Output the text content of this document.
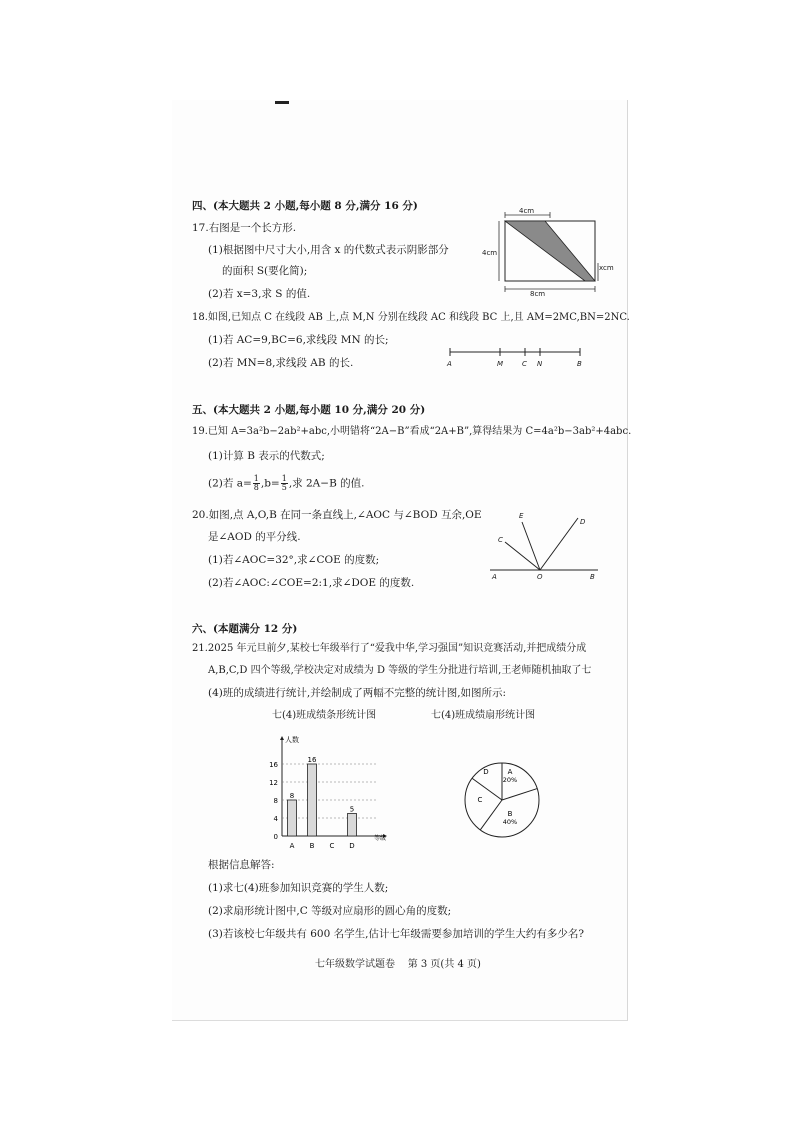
四、(本大题共 2 小题,每小题 8 分,满分 16 分)
17.右图是一个长方形.
(1)根据图中尺寸大小,用含 x 的代数式表示阴影部分
的面积 S(要化简);
(2)若 x=3,求 S 的值.
4cm
4cm
xcm
8cm
18.如图,已知点 C 在线段 AB 上,点 M,N 分别在线段 AC 和线段 BC 上,且 AM=2MC,BN=2NC.
(1)若 AC=9,BC=6,求线段 MN 的长;
(2)若 MN=8,求线段 AB 的长.	A	M	C N	B
五、(本大题共 2 小题,每小题 10 分,满分 20 分)
19.已知 A=3a²b−2ab²+abc,小明错将“2A−B”看成“2A+B”,算得结果为 C=4a²b−3ab²+4abc.
(1)计算 B 表示的代数式;
(2)若 $a= \frac{1}{8} ,b= \frac{1}{5}$ ,求 2A−B 的值.
20.如图,点 A,O,B 在同一条直线上,∠AOC 与∠BOD 互余,OE
是∠AOD 的平分线.
(1)若∠AOC=32°,求∠COE 的度数;
(2)若∠AOC:∠COE=2:1,求∠DOE 的度数.	A	O	B
C
E
D
六、(本题满分 12 分)
21.2025 年元旦前夕,某校七年级举行了“爱我中华,学习强国”知识竞赛活动,并把成绩分成
A,B,C,D 四个等级,学校决定对成绩为 D 等级的学生分批进行培训,王老师随机抽取了七
(4)班的成绩进行统计,并绘制成了两幅不完整的统计图,如图所示:
七(4)班成绩条形统计图	七(4)班成绩扇形统计图
0
4
8
12
16
人数
等级
A
8
B
16
C D
5
A
20%
B
40%
C
D
根据信息解答:
(1)求七(4)班参加知识竞赛的学生人数;
(2)求扇形统计图中,C 等级对应扇形的圆心角的度数;
(3)若该校七年级共有 600 名学生,估计七年级需要参加培训的学生大约有多少名?
七年级数学试题卷    第 3 页(共 4 页)
